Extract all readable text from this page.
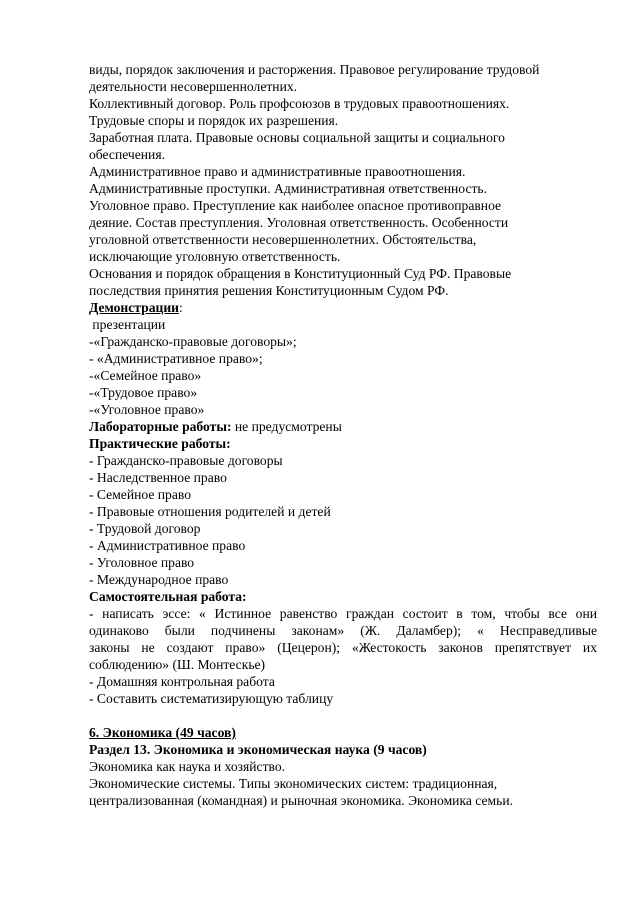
виды, порядок заключения и расторжения. Правовое регулирование трудовой
деятельности несовершеннолетних.
Коллективный договор. Роль профсоюзов в трудовых правоотношениях.
Трудовые споры и порядок их разрешения.
Заработная плата. Правовые основы социальной защиты и социального
обеспечения.
Административное право и административные правоотношения.
Административные проступки. Административная ответственность.
Уголовное право. Преступление как наиболее опасное противоправное
деяние. Состав преступления. Уголовная ответственность. Особенности
уголовной ответственности несовершеннолетних. Обстоятельства,
исключающие уголовную ответственность.
Основания и порядок обращения в Конституционный Суд РФ. Правовые
последствия принятия решения Конституционным Судом РФ.
Демонстрации:
презентации
-«Гражданско-правовые договоры»;
- «Административное право»;
-«Семейное право»
-«Трудовое право»
-«Уголовное право»
Лабораторные работы: не предусмотрены
Практические работы:
- Гражданско-правовые договоры
- Наследственное право
- Семейное право
- Правовые отношения родителей и детей
- Трудовой договор
- Административное право
- Уголовное право
- Международное право
Самостоятельная работа:
- написать эссе: « Истинное равенство граждан состоит в том, чтобы все они
одинаково были подчинены законам» (Ж. Даламбер); « Несправедливые
законы не создают право» (Цецерон); «Жестокость законов препятствует их
соблюдению» (Ш. Монтескье)
- Домашняя контрольная работа
- Составить систематизирующую таблицу
6. Экономика (49 часов)
Раздел 13. Экономика и экономическая наука (9 часов)
Экономика как наука и хозяйство.
Экономические системы. Типы экономических систем: традиционная,
централизованная (командная) и рыночная экономика. Экономика семьи.
